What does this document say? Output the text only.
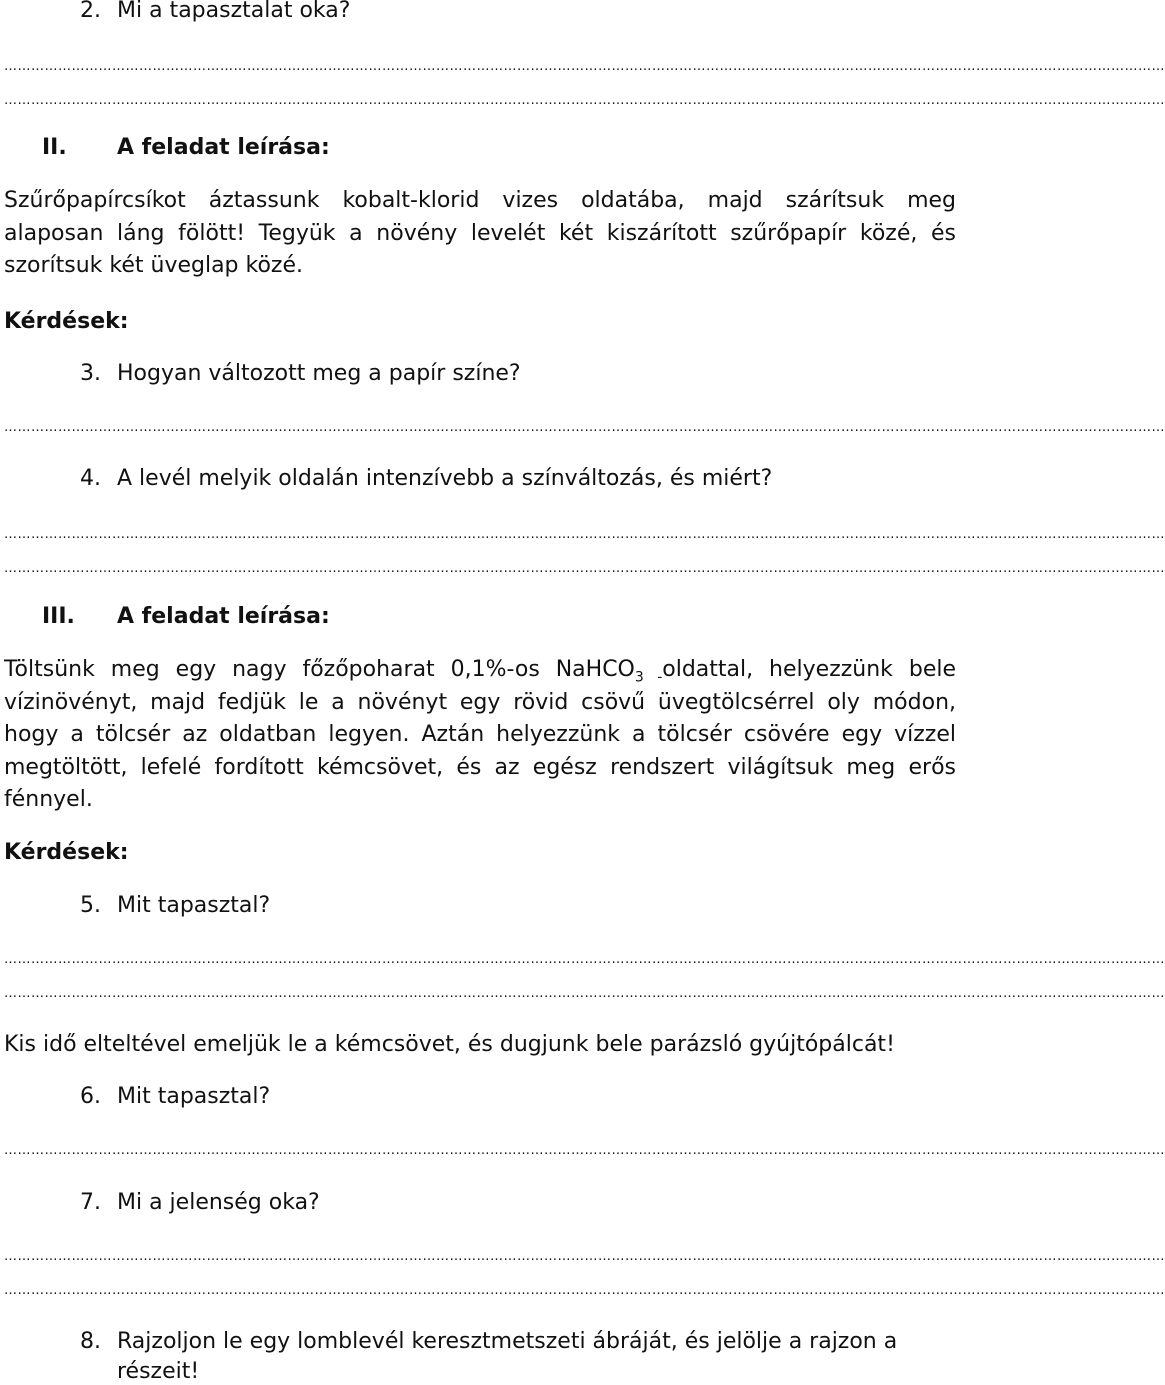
2. Mi a tapasztalat oka?
……………………………………………………………………………………………………………………………………………………………………………………………………………………………………
……………………………………………………………………………………………………………………………………………………………………………………………………………………………………
II. A feladat leírása:
Szűrőpapírcsíkot áztassunk kobalt-klorid vizes oldatába, majd szárítsuk meg
alaposan láng fölött! Tegyük a növény levelét két kiszárított szűrőpapír közé, és
szorítsuk két üveglap közé.
Kérdések:
3. Hogyan változott meg a papír színe?
……………………………………………………………………………………………………………………………………………………………………………………………………………………………………
4. A levél melyik oldalán intenzívebb a színváltozás, és miért?
……………………………………………………………………………………………………………………………………………………………………………………………………………………………………
……………………………………………………………………………………………………………………………………………………………………………………………………………………………………
III. A feladat leírása:
Töltsünk meg egy nagy főzőpoharat 0,1%-os NaHCO$_{3 -}$oldattal, helyezzünk bele
vízinövényt, majd fedjük le a növényt egy rövid csövű üvegtölcsérrel oly módon,
hogy a tölcsér az oldatban legyen. Aztán helyezzünk a tölcsér csövére egy vízzel
megtöltött, lefelé fordított kémcsövet, és az egész rendszert világítsuk meg erős
fénnyel.
Kérdések:
5. Mit tapasztal?
……………………………………………………………………………………………………………………………………………………………………………………………………………………………………
……………………………………………………………………………………………………………………………………………………………………………………………………………………………………
Kis idő elteltével emeljük le a kémcsövet, és dugjunk bele parázsló gyújtópálcát!
6. Mit tapasztal?
……………………………………………………………………………………………………………………………………………………………………………………………………………………………………
7. Mi a jelenség oka?
……………………………………………………………………………………………………………………………………………………………………………………………………………………………………
……………………………………………………………………………………………………………………………………………………………………………………………………………………………………
8. Rajzoljon le egy lomblevél keresztmetszeti ábráját, és jelölje a rajzon a
részeit!
